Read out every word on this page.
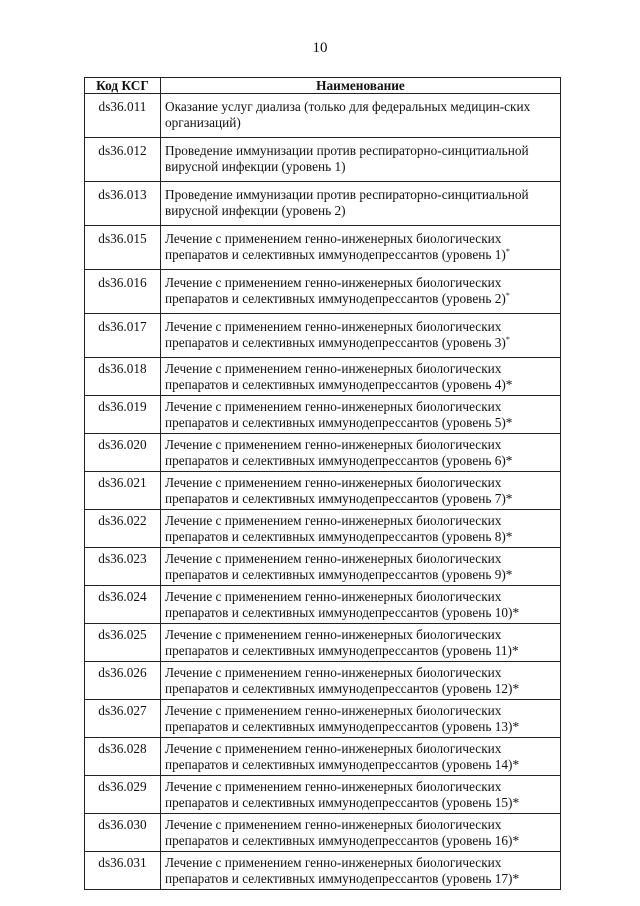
10
Код КСГ	Наименование
ds36.011	Оказание услуг диализа (только для федеральных медицин-ских организаций)
ds36.012	Проведение иммунизации против респираторно-синцитиальной вирусной инфекции (уровень 1)
ds36.013	Проведение иммунизации против респираторно-синцитиальной вирусной инфекции (уровень 2)
ds36.015	Лечение с применением генно-инженерных биологических препаратов и селективных иммунодепрессантов (уровень 1)*
ds36.016	Лечение с применением генно-инженерных биологических препаратов и селективных иммунодепрессантов (уровень 2)*
ds36.017	Лечение с применением генно-инженерных биологических препаратов и селективных иммунодепрессантов (уровень 3)*
ds36.018	Лечение с применением генно-инженерных биологических препаратов и селективных иммунодепрессантов (уровень 4)*
ds36.019	Лечение с применением генно-инженерных биологических препаратов и селективных иммунодепрессантов (уровень 5)*
ds36.020	Лечение с применением генно-инженерных биологических препаратов и селективных иммунодепрессантов (уровень 6)*
ds36.021	Лечение с применением генно-инженерных биологических препаратов и селективных иммунодепрессантов (уровень 7)*
ds36.022	Лечение с применением генно-инженерных биологических препаратов и селективных иммунодепрессантов (уровень 8)*
ds36.023	Лечение с применением генно-инженерных биологических препаратов и селективных иммунодепрессантов (уровень 9)*
ds36.024	Лечение с применением генно-инженерных биологических препаратов и селективных иммунодепрессантов (уровень 10)*
ds36.025	Лечение с применением генно-инженерных биологических препаратов и селективных иммунодепрессантов (уровень 11)*
ds36.026	Лечение с применением генно-инженерных биологических препаратов и селективных иммунодепрессантов (уровень 12)*
ds36.027	Лечение с применением генно-инженерных биологических препаратов и селективных иммунодепрессантов (уровень 13)*
ds36.028	Лечение с применением генно-инженерных биологических препаратов и селективных иммунодепрессантов (уровень 14)*
ds36.029	Лечение с применением генно-инженерных биологических препаратов и селективных иммунодепрессантов (уровень 15)*
ds36.030	Лечение с применением генно-инженерных биологических препаратов и селективных иммунодепрессантов (уровень 16)*
ds36.031	Лечение с применением генно-инженерных биологических препаратов и селективных иммунодепрессантов (уровень 17)*
